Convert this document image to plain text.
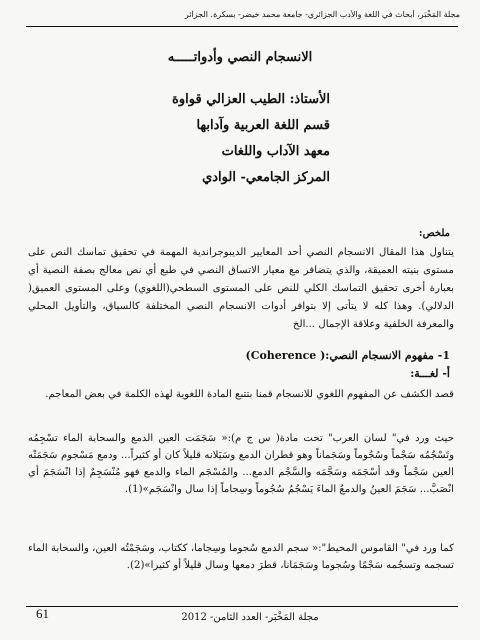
مجلة المَخْبَر، أبحاث في اللغة والأدب الجزائري- جامعة محمد خيضر- بسكرة. الجزائر
الانسجام النصي وأدواتـــــه
الأستاذ: الطيب العزالي قواوة
قسم اللغة العربية وآدابها
معهد الآداب واللغات
المركز الجامعي- الوادي
ملخص:
يتناول هذا المقال الانسجام النصي أحد المعايير الديبوجراندية المهمة في تحقيق تماسك النص على مستوى بنيته العميقة، والذي يتضافر مع معيار الاتساق النصي في طبع أي نص معالج بصفة النصية أي بعبارة أخرى تحقيق التماسك الكلي للنص على المستوى السطحي(اللغوي) وعلى المستوى العميق( الدلالي). وهذا كله لا يتأتى إلا بتوافر أدوات الانسجام النصي المختلفة كالسياق، والتأويل المحلي والمعرفة الخلفية وعلاقة الإجمال ...الخ
1- مفهوم الانسجام النصي:( Coherence)
أ- لغـــة:
قصد الكشف عن المفهوم اللغوي للانسجام قمنا بتتبع المادة اللغوية لهذه الكلمة في بعض المعاجم.
حيث ورد في" لسان العرب" تحت مادة( س ج م):« سَجَمَت العين الدمع والسحابة الماء تسْجِمُه وتَسْجُمُه سَجْماً وسُجُوماً وسَجَماناً وهو قطران الدمع وسَيَلانه قليلاً كان أو كثيراً... ودمع مَسْجوم سَجَمَتْه العين سَجْماً وقد أسْجَمَه وسَجَّمَه والسَّجْم الدمع... والمُسْجَم الماء والدمع فهو مُنْسَجِمٌ إذا انْسَجَمَ أي انْصَبَّ... سَجَمَ العينُ والدمعُ الماءَ يَسْجُمُ سُجُوماً وسِجاماً إذا سال وانْسَجَم»(1).
كما ورد في" القاموس المحيط":« سجم الدمع سُجوما وسِجاما، ككتاب، وسَجَمْتُه العين، والسحابة الماء تسجمه وتسجُمه سَجْمًا وسُجوما وسَجَمَانا، قطرَ دمعها وسال قليلاً أو كثيرا»(2).
مجلة المَخْبَر- العدد الثامن- 2012
61
